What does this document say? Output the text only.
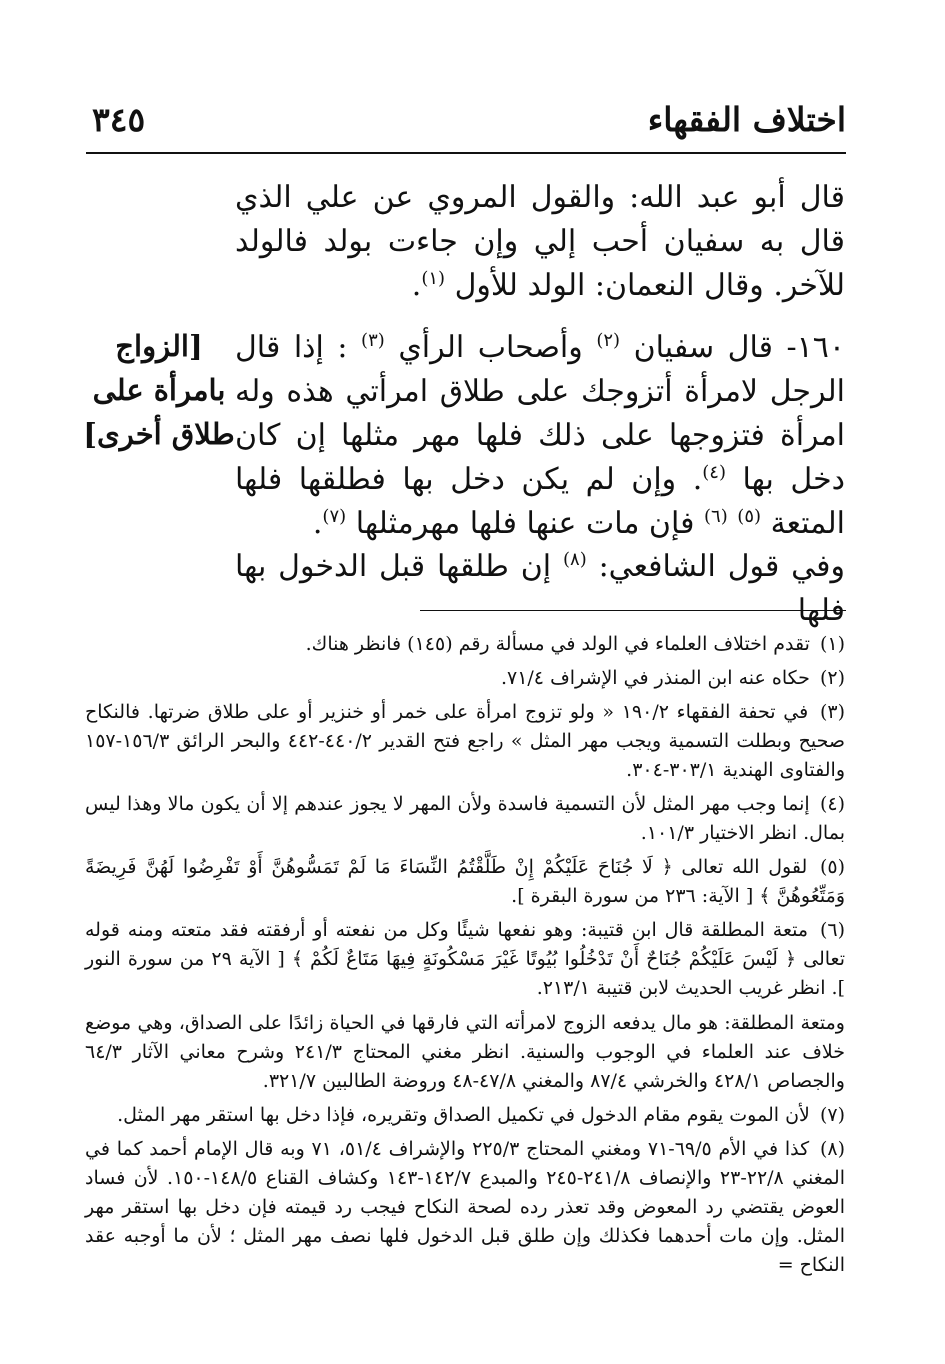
اختلاف الفقهاء
٣٤٥
قال أبو عبد الله: والقول المروي عن علي الذي قال به سفيان أحب إلي وإن جاءت بولد فالولد للآخر. وقال النعمان: الولد للأول $^{(١)}$.
١٦٠- قال سفيان $^{(٢)}$ وأصحاب الرأي $^{(٣)}$ : إذا قال الرجل لامرأة أتزوجك على طلاق امرأتي هذه وله امرأة فتزوجها على ذلك فلها مهر مثلها إن كان دخل بها $^{(٤)}$. وإن لم يكن دخل بها فطلقها فلها المتعة $^{(٥)}$ $^{(٦)}$ فإن مات عنها فلها مهرمثلها $^{(٧)}$.
[الزواج بامرأة على طلاق أخرى]
وفي قول الشافعي: $^{(٨)}$ إن طلقها قبل الدخول بها فلها
(١) تقدم اختلاف العلماء في الولد في مسألة رقم (١٤٥) فانظر هناك.
(٢) حكاه عنه ابن المنذر في الإشراف ٧١/٤.
(٣) في تحفة الفقهاء ١٩٠/٢ « ولو تزوج امرأة على خمر أو خنزير أو على طلاق ضرتها. فالنكاح صحيح وبطلت التسمية ويجب مهر المثل » راجع فتح القدير ٤٤٠/٢-٤٤٢ والبحر الرائق ١٥٦/٣-١٥٧ والفتاوى الهندية ٣٠٣/١-٣٠٤.
(٤) إنما وجب مهر المثل لأن التسمية فاسدة ولأن المهر لا يجوز عندهم إلا أن يكون مالا وهذا ليس بمال. انظر الاختيار ١٠١/٣.
(٥) لقول الله تعالى ﴿ لَا جُنَاحَ عَلَيْكُمْ إِنْ طَلَّقْتُمُ النِّسَاءَ مَا لَمْ تَمَسُّوهُنَّ أَوْ تَفْرِضُوا لَهُنَّ فَرِيضَةً وَمَتِّعُوهُنَّ ﴾ [ الآية: ٢٣٦ من سورة البقرة ].
(٦) متعة المطلقة قال ابن قتيبة: وهو نفعها شيئًا وكل من نفعته أو أرفقته فقد متعته ومنه قوله تعالى ﴿ لَيْسَ عَلَيْكُمْ جُنَاحٌ أَنْ تَدْخُلُوا بُيُوتًا غَيْرَ مَسْكُونَةٍ فِيهَا مَتَاعٌ لَكُمْ ﴾ [ الآية ٢٩ من سورة النور ]. انظر غريب الحديث لابن قتيبة ٢١٣/١.
ومتعة المطلقة: هو مال يدفعه الزوج لامرأته التي فارقها في الحياة زائدًا على الصداق، وهي موضع خلاف عند العلماء في الوجوب والسنية. انظر مغني المحتاج ٢٤١/٣ وشرح معاني الآثار ٦٤/٣ والجصاص ٤٢٨/١ والخرشي ٨٧/٤ والمغني ٤٧/٨-٤٨ وروضة الطالبين ٣٢١/٧.
(٧) لأن الموت يقوم مقام الدخول في تكميل الصداق وتقريره، فإذا دخل بها استقر مهر المثل.
(٨) كذا في الأم ٦٩/٥-٧١ ومغني المحتاج ٢٢٥/٣ والإشراف ٥١/٤، ٧١ وبه قال الإمام أحمد كما في المغني ٢٢/٨-٢٣ والإنصاف ٢٤١/٨-٢٤٥ والمبدع ١٤٢/٧-١٤٣ وكشاف القناع ١٤٨/٥-١٥٠. لأن فساد العوض يقتضي رد المعوض وقد تعذر رده لصحة النكاح فيجب رد قيمته فإن دخل بها استقر مهر المثل. وإن مات أحدهما فكذلك وإن طلق قبل الدخول فلها نصف مهر المثل ؛ لأن ما أوجبه عقد النكاح =
